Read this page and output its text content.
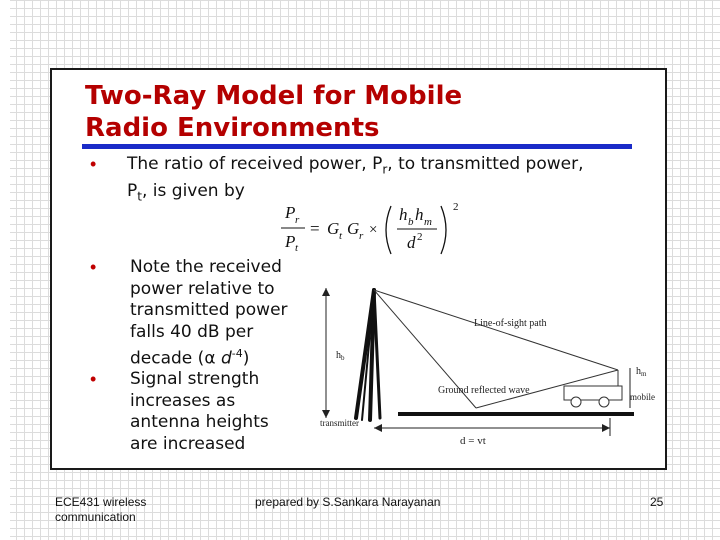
Two-Ray Model for Mobile
Radio Environments
• The ratio of received power, $P_r$, to transmitted power,
$P_t$, is given by

P r
P t
= G t G r ×
h b h m
d 2
2
• Note the received
power relative to
transmitted power
falls 40 dB per
decade (α $d^{-4}$)

• Signal strength
increases as
antenna heights
are increased

$h_b$
transmitter
Line-of-sight path
Ground reflected wave
$h_m$
mobile
d = vt
ECE431 wireless
communication
prepared by S.Sankara Narayanan	25
